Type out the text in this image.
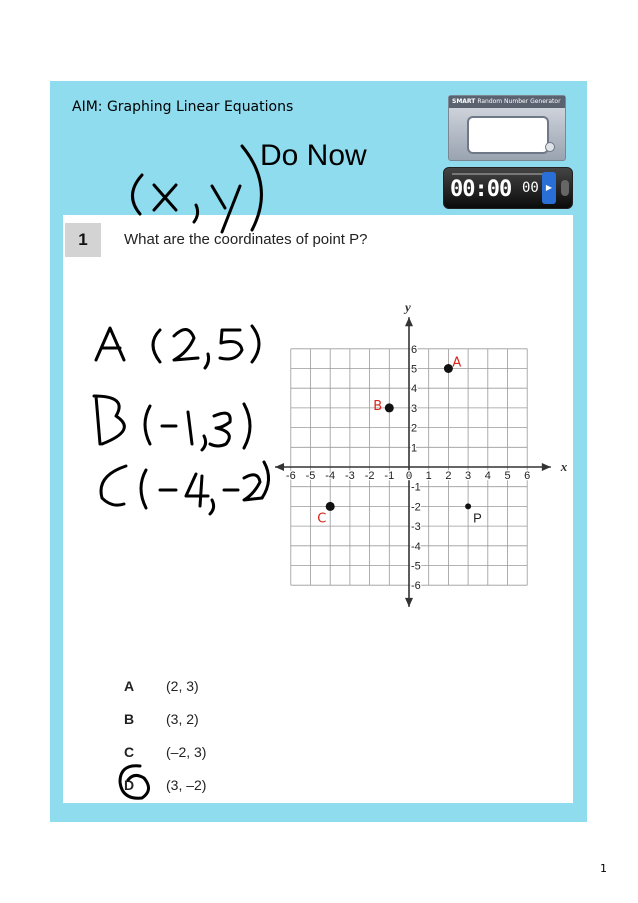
AIM: Graphing Linear Equations
Do Now
SMART Random Number Generator
00:00 00 ▶
1	What are the coordinates of point P?
x
y
-6 -5 -4 -3 -2 -1 0 1 2 3 4 5 6
6
5
4
3
2
1
-1
-2
-3
-4
-5
-6
A
B
C	P
A (2, 3)
B (3, 2)
C (–2, 3)
D (3, –2)
1
